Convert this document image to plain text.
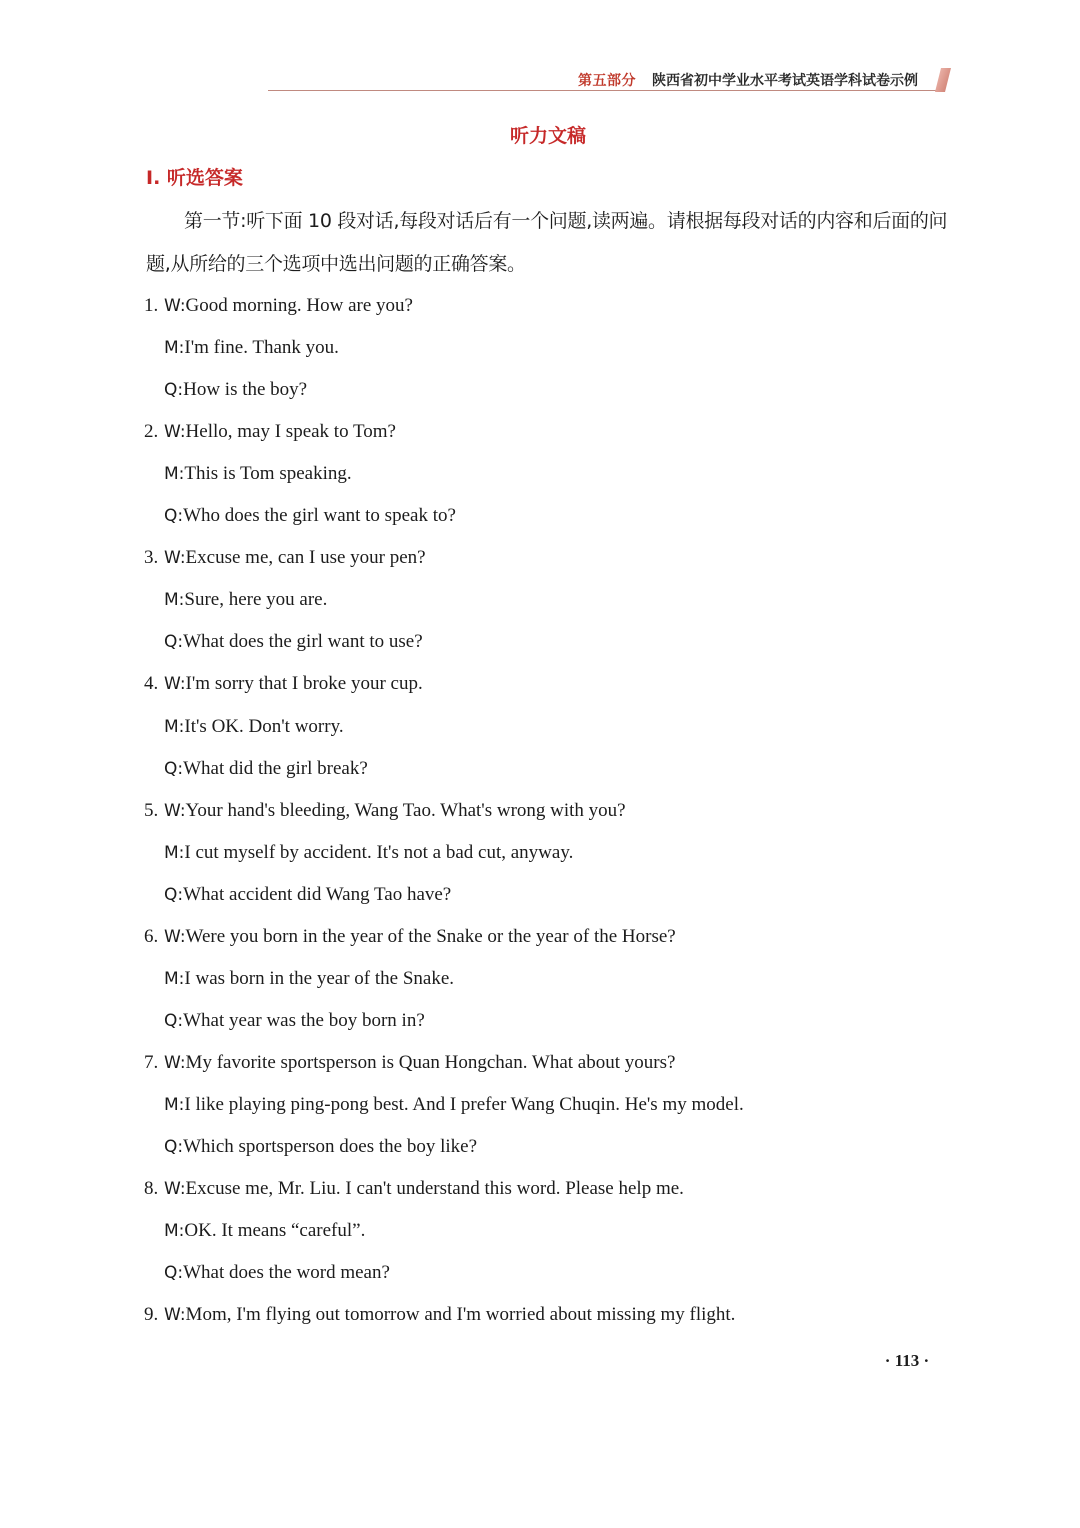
第五部分 陕西省初中学业水平考试英语学科试卷示例
听力文稿
Ⅰ. 听选答案
第一节:听下面 10 段对话,每段对话后有一个问题,读两遍。请根据每段对话的内容和后面的问题,从所给的三个选项中选出问题的正确答案。
1. W:Good morning. How are you?
M:I'm fine. Thank you.
Q:How is the boy?
2. W:Hello, may I speak to Tom?
M:This is Tom speaking.
Q:Who does the girl want to speak to?
3. W:Excuse me, can I use your pen?
M:Sure, here you are.
Q:What does the girl want to use?
4. W:I'm sorry that I broke your cup.
M:It's OK. Don't worry.
Q:What did the girl break?
5. W:Your hand's bleeding, Wang Tao. What's wrong with you?
M:I cut myself by accident. It's not a bad cut, anyway.
Q:What accident did Wang Tao have?
6. W:Were you born in the year of the Snake or the year of the Horse?
M:I was born in the year of the Snake.
Q:What year was the boy born in?
7. W:My favorite sportsperson is Quan Hongchan. What about yours?
M:I like playing ping-pong best. And I prefer Wang Chuqin. He's my model.
Q:Which sportsperson does the boy like?
8. W:Excuse me, Mr. Liu. I can't understand this word. Please help me.
M:OK. It means “careful”.
Q:What does the word mean?
9. W:Mom, I'm flying out tomorrow and I'm worried about missing my flight.
· 113 ·
